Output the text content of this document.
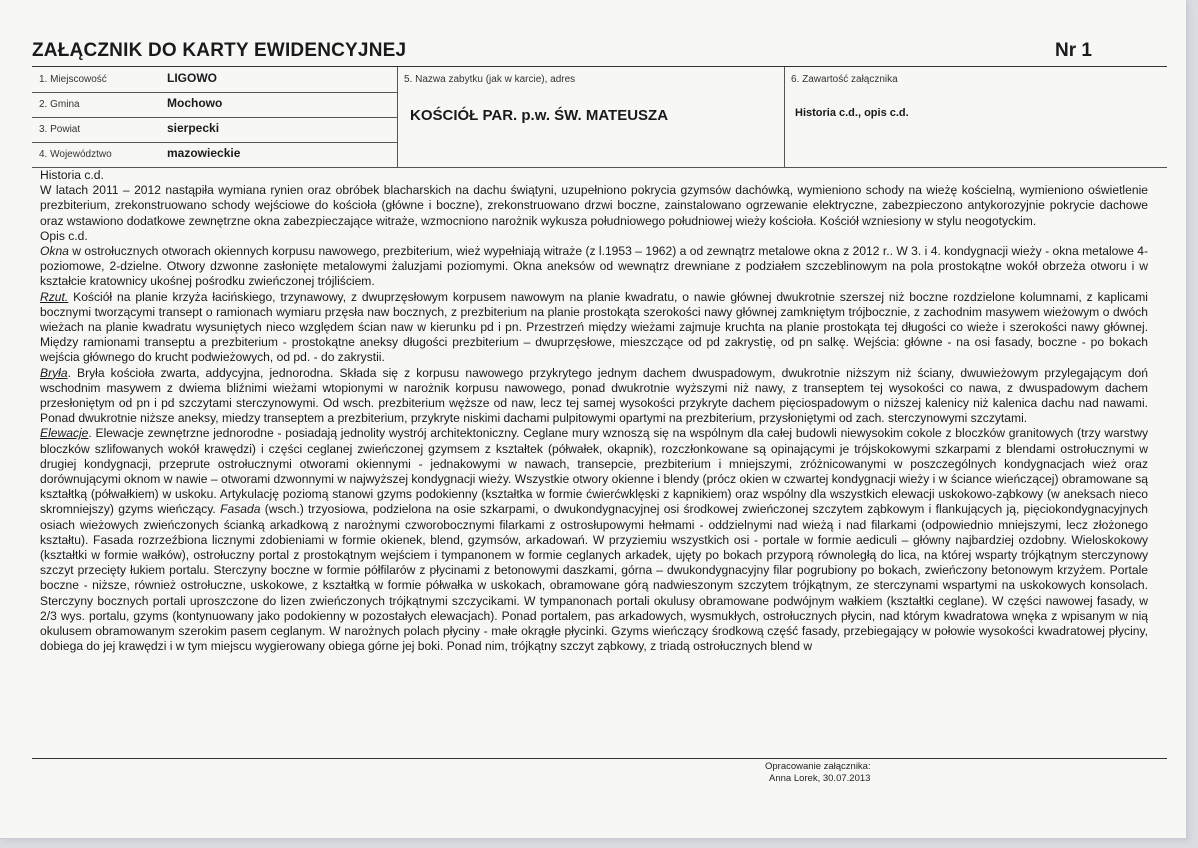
ZAŁĄCZNIK DO KARTY EWIDENCYJNEJ	Nr 1
1. Miejscowość	LIGOWO
2. Gmina	Mochowo
3. Powiat	sierpecki
4. Województwo	mazowieckie
5. Nazwa zabytku (jak w karcie), adres
KOŚCIÓŁ PAR. p.w. ŚW. MATEUSZA
6. Zawartość załącznika
Historia c.d., opis c.d.

Historia c.d.

W latach 2011 – 2012 nastąpiła wymiana rynien oraz obróbek blacharskich na dachu świątyni, uzupełniono pokrycia gzymsów dachówką, wymieniono schody na wieżę kościelną, wymieniono oświetlenie prezbiterium, zrekonstruowano schody wejściowe do kościoła (główne i boczne), zrekonstruowano drzwi boczne, zainstalowano ogrzewanie elektryczne, zabezpieczono antykorozyjnie pokrycie dachowe oraz wstawiono dodatkowe zewnętrzne okna zabezpieczające witraże, wzmocniono narożnik wykusza południowego południowej wieży kościoła. Kościół wzniesiony w stylu neogotyckim.

Opis c.d.

Okna w ostrołucznych otworach okiennych korpusu nawowego, prezbiterium, wież wypełniają witraże (z l.1953 – 1962) a od zewnątrz metalowe okna z 2012 r.. W 3. i 4. kondygnacji wieży - okna metalowe 4-poziomowe, 2-dzielne. Otwory dzwonne zasłonięte metalowymi żaluzjami poziomymi. Okna aneksów od wewnątrz drewniane z podziałem szczeblinowym na pola prostokątne wokół obrzeża otworu i w kształcie kratownicy ukośnej pośrodku zwieńczonej trójliściem.

Rzut. Kościół na planie krzyża łacińskiego, trzynawowy, z dwuprzęsłowym korpusem nawowym na planie kwadratu, o nawie głównej dwukrotnie szerszej niż boczne rozdzielone kolumnami, z kaplicami bocznymi tworzącymi transept o ramionach wymiaru przęsła naw bocznych, z prezbiterium na planie prostokąta szerokości nawy głównej zamkniętym trójbocznie, z zachodnim masywem wieżowym o dwóch wieżach na planie kwadratu wysuniętych nieco względem ścian naw w kierunku pd i pn. Przestrzeń między wieżami zajmuje kruchta na planie prostokąta tej długości co wieże i szerokości nawy głównej. Między ramionami transeptu a prezbiterium - prostokątne aneksy długości prezbiterium – dwuprzęsłowe, mieszczące od pd zakrystię, od pn salkę. Wejścia: główne - na osi fasady, boczne - po bokach wejścia głównego do krucht podwieżowych, od pd. - do zakrystii.

Bryła. Bryła kościoła zwarta, addycyjna, jednorodna. Składa się z korpusu nawowego przykrytego jednym dachem dwuspadowym, dwukrotnie niższym niż ściany, dwuwieżowym przylegającym doń wschodnim masywem z dwiema bliźnimi wieżami wtopionymi w narożnik korpusu nawowego, ponad dwukrotnie wyższymi niż nawy, z transeptem tej wysokości co nawa, z dwuspadowym dachem przesłoniętym od pn i pd szczytami sterczynowymi. Od wsch. prezbiterium węższe od naw, lecz tej samej wysokości przykryte dachem pięciospadowym o niższej kalenicy niż kalenica dachu nad nawami. Ponad dwukrotnie niższe aneksy, miedzy transeptem a prezbiterium, przykryte niskimi dachami pulpitowymi opartymi na prezbiterium, przysłoniętymi od zach. sterczynowymi szczytami.

Elewacje. Elewacje zewnętrzne jednorodne - posiadają jednolity wystrój architektoniczny. Ceglane mury wznoszą się na wspólnym dla całej budowli niewysokim cokole z bloczków granitowych (trzy warstwy bloczków szlifowanych wokół krawędzi) i części ceglanej zwieńczonej gzymsem z kształtek (półwałek, okapnik), rozczłonkowane są opinającymi je trójskokowymi szkarpami z blendami ostrołucznymi w drugiej kondygnacji, przeprute ostrołucznymi otworami okiennymi - jednakowymi w nawach, transepcie, prezbiterium i mniejszymi, zróżnicowanymi w poszczególnych kondygnacjach wież oraz dorównującymi oknom w nawie – otworami dzwonnymi w najwyższej kondygnacji wieży. Wszystkie otwory okienne i blendy (prócz okien w czwartej kondygnacji wieży i w ściance wieńczącej) obramowane są kształtką (półwałkiem) w uskoku. Artykulację poziomą stanowi gzyms podokienny (kształtka w formie ćwierćwklęski z kapnikiem) oraz wspólny dla wszystkich elewacji uskokowo-ząbkowy (w aneksach nieco skromniejszy) gzyms wieńczący. Fasada (wsch.) trzyosiowa, podzielona na osie szkarpami, o dwukondygnacyjnej osi środkowej zwieńczonej szczytem ząbkowym i flankujących ją, pięciokondygnacyjnych osiach wieżowych zwieńczonych ścianką arkadkową z narożnymi czworobocznymi filarkami z ostrosłupowymi hełmami - oddzielnymi nad wieżą i nad filarkami (odpowiednio mniejszymi, lecz złożonego kształtu). Fasada rozrzeźbiona licznymi zdobieniami w formie okienek, blend, gzymsów, arkadowań. W przyziemiu wszystkich osi - portale w formie aediculi – główny najbardziej ozdobny. Wieloskokowy (kształtki w formie wałków), ostrołuczny portal z prostokątnym wejściem i tympanonem w formie ceglanych arkadek, ujęty po bokach przyporą równoległą do lica, na której wsparty trójkątnym sterczynowy szczyt przecięty łukiem portalu. Sterczyny boczne w formie półfilarów z płycinami z betonowymi daszkami, górna – dwukondygnacyjny filar pogrubiony po bokach, zwieńczony betonowym krzyżem. Portale boczne - niższe, również ostrołuczne, uskokowe, z kształtką w formie półwałka w uskokach, obramowane górą nadwieszonym szczytem trójkątnym, ze sterczynami wspartymi na uskokowych konsolach. Sterczyny bocznych portali uproszczone do lizen zwieńczonych trójkątnymi szczycikami. W tympanonach portali okulusy obramowane podwójnym wałkiem (kształtki ceglane). W części nawowej fasady, w 2/3 wys. portalu, gzyms (kontynuowany jako podokienny w pozostałych elewacjach). Ponad portalem, pas arkadowych, wysmukłych, ostrołucznych płycin, nad którym kwadratowa wnęka z wpisanym w nią okulusem obramowanym szerokim pasem ceglanym. W narożnych polach płyciny - małe okrągłe płycinki. Gzyms wieńczący środkową część fasady, przebiegający w połowie wysokości kwadratowej płyciny, dobiega do jej krawędzi i w tym miejscu wygierowany obiega górne jej boki. Ponad nim, trójkątny szczyt ząbkowy, z triadą ostrołucznych blend w

Opracowanie załącznika:
Anna Lorek, 30.07.2013
